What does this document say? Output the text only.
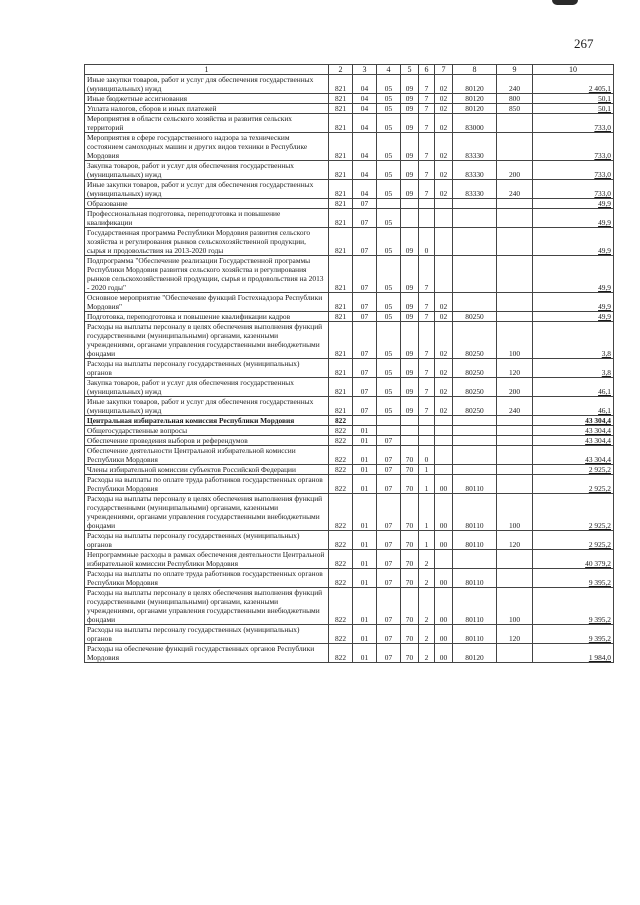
267
1	2	3	4	5	6	7	8	9	10
Иные закупки товаров, работ и услуг для обеспечения государственных (муниципальных) нужд	821	04	05	09	7	02	80120	240	2 405,1
Иные бюджетные ассигнования	821	04	05	09	7	02	80120	800	50,1
Уплата налогов, сборов и иных платежей	821	04	05	09	7	02	80120	850	50,1
Мероприятия в области сельского хозяйства и развития сельских территорий	821	04	05	09	7	02	83000		733,0
Мероприятия в сфере государственного надзора за техническим состоянием самоходных машин и других видов техники в Республике Мордовия	821	04	05	09	7	02	83330		733,0
Закупка товаров, работ и услуг для обеспечения государственных (муниципальных) нужд	821	04	05	09	7	02	83330	200	733,0
Иные закупки товаров, работ и услуг для обеспечения государственных (муниципальных) нужд	821	04	05	09	7	02	83330	240	733,0
Образование	821	07							49,9
Профессиональная подготовка, переподготовка и повышение квалификации	821	07	05						49,9
Государственная программа Республики Мордовия развития сельского хозяйства и регулирования рынков сельскохозяйственной продукции, сырья и продовольствия на 2013-2020 годы	821	07	05	09	0				49,9
Подпрограмма "Обеспечение реализации Государственной программы Республики Мордовия развития сельского хозяйства и регулирования рынков сельскохозяйственной продукции, сырья и продовольствия на 2013 - 2020 годы"	821	07	05	09	7				49,9
Основное мероприятие "Обеспечение функций Гостехнадзора Республики Мордовия"	821	07	05	09	7	02			49,9
Подготовка, переподготовка и повышение квалификации кадров	821	07	05	09	7	02	80250		49,9
Расходы на выплаты персоналу в целях обеспечения выполнения функций государственными (муниципальными) органами, казенными учреждениями, органами управления государственными внебюджетными фондами	821	07	05	09	7	02	80250	100	3,8
Расходы на выплаты персоналу государственных (муниципальных) органов	821	07	05	09	7	02	80250	120	3,8
Закупка товаров, работ и услуг для обеспечения государственных (муниципальных) нужд	821	07	05	09	7	02	80250	200	46,1
Иные закупки товаров, работ и услуг для обеспечения государственных (муниципальных) нужд	821	07	05	09	7	02	80250	240	46,1
Центральная избирательная комиссия Республики Мордовия	822								43 304,4
Общегосударственные вопросы	822	01							43 304,4
Обеспечение проведения выборов и референдумов	822	01	07						43 304,4
Обеспечение деятельности Центральной избирательной комиссии Республики Мордовия	822	01	07	70	0				43 304,4
Члены избирательной комиссии субъектов Российской Федерации	822	01	07	70	1				2 925,2
Расходы на выплаты по оплате труда работников государственных органов Республики Мордовия	822	01	07	70	1	00	80110		2 925,2
Расходы на выплаты персоналу в целях обеспечения выполнения функций государственными (муниципальными) органами, казенными учреждениями, органами управления государственными внебюджетными фондами	822	01	07	70	1	00	80110	100	2 925,2
Расходы на выплаты персоналу государственных (муниципальных) органов	822	01	07	70	1	00	80110	120	2 925,2
Непрограммные расходы в рамках обеспечения деятельности Центральной избирательной комиссии Республики Мордовия	822	01	07	70	2				40 379,2
Расходы на выплаты по оплате труда работников государственных органов Республики Мордовия	822	01	07	70	2	00	80110		9 395,2
Расходы на выплаты персоналу в целях обеспечения выполнения функций государственными (муниципальными) органами, казенными учреждениями, органами управления государственными внебюджетными фондами	822	01	07	70	2	00	80110	100	9 395,2
Расходы на выплаты персоналу государственных (муниципальных) органов	822	01	07	70	2	00	80110	120	9 395,2
Расходы на обеспечение функций государственных органов Республики Мордовия	822	01	07	70	2	00	80120		1 984,0
